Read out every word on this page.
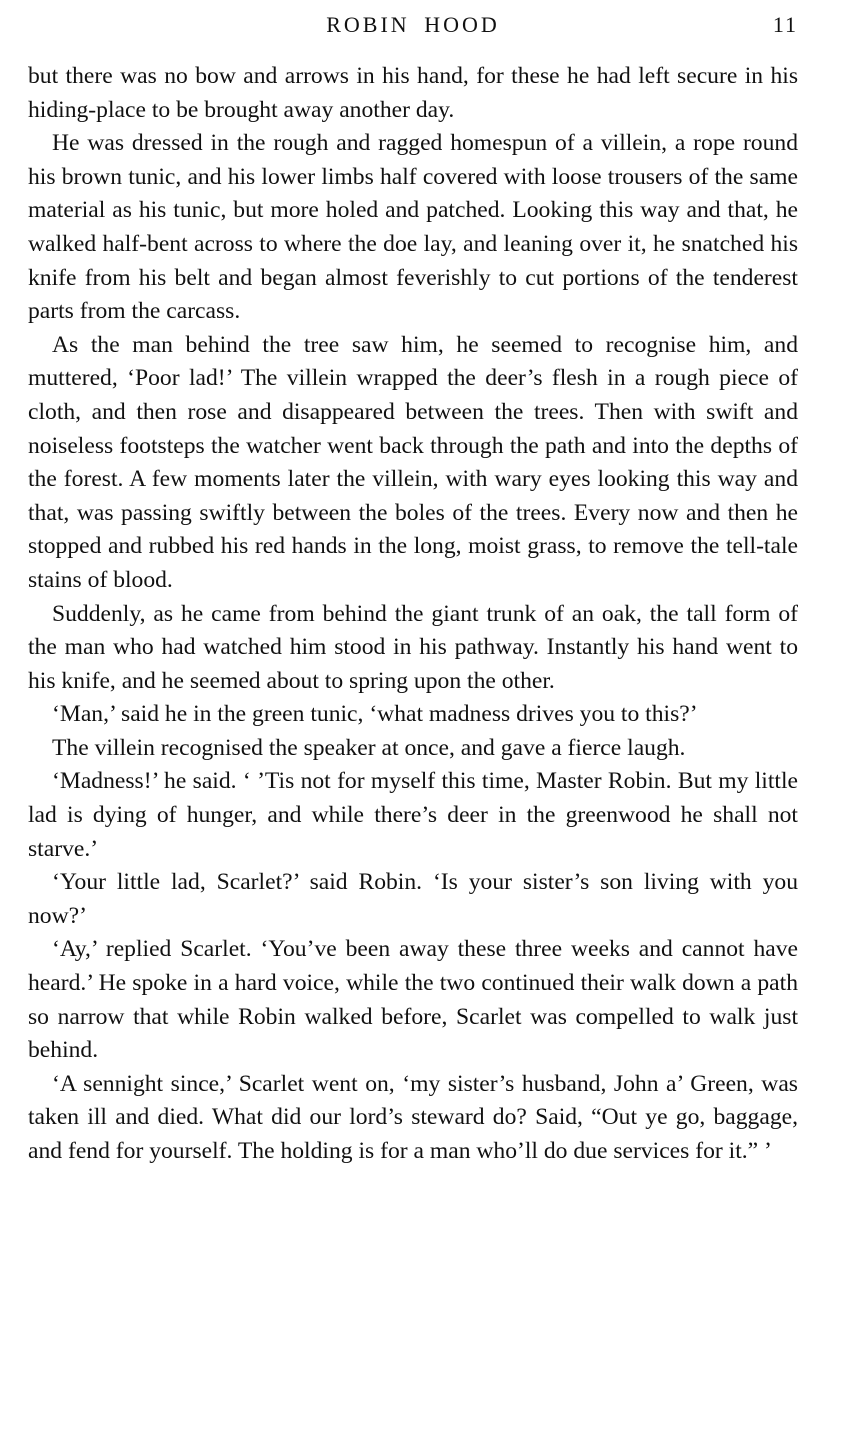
ROBIN HOOD	11

but there was no bow and arrows in his hand, for these he had left secure in his hiding-place to be brought away another day.

He was dressed in the rough and ragged homespun of a villein, a rope round his brown tunic, and his lower limbs half covered with loose trousers of the same material as his tunic, but more holed and patched. Looking this way and that, he walked half-bent across to where the doe lay, and leaning over it, he snatched his knife from his belt and began almost feverishly to cut portions of the tenderest parts from the carcass.

As the man behind the tree saw him, he seemed to recognise him, and muttered, ‘Poor lad!’ The villein wrapped the deer’s flesh in a rough piece of cloth, and then rose and disappeared between the trees. Then with swift and noiseless footsteps the watcher went back through the path and into the depths of the forest. A few moments later the villein, with wary eyes looking this way and that, was passing swiftly between the boles of the trees. Every now and then he stopped and rubbed his red hands in the long, moist grass, to remove the tell-tale stains of blood.

Suddenly, as he came from behind the giant trunk of an oak, the tall form of the man who had watched him stood in his pathway. Instantly his hand went to his knife, and he seemed about to spring upon the other.

‘Man,’ said he in the green tunic, ‘what madness drives you to this?’

The villein recognised the speaker at once, and gave a fierce laugh.

‘Madness!’ he said. ‘ ’Tis not for myself this time, Master Robin. But my little lad is dying of hunger, and while there’s deer in the greenwood he shall not starve.’

‘Your little lad, Scarlet?’ said Robin. ‘Is your sister’s son living with you now?’

‘Ay,’ replied Scarlet. ‘You’ve been away these three weeks and cannot have heard.’ He spoke in a hard voice, while the two continued their walk down a path so narrow that while Robin walked before, Scarlet was compelled to walk just behind.

‘A sennight since,’ Scarlet went on, ‘my sister’s husband, John a’ Green, was taken ill and died. What did our lord’s steward do? Said, “Out ye go, baggage, and fend for yourself. The holding is for a man who’ll do due services for it.” ’
